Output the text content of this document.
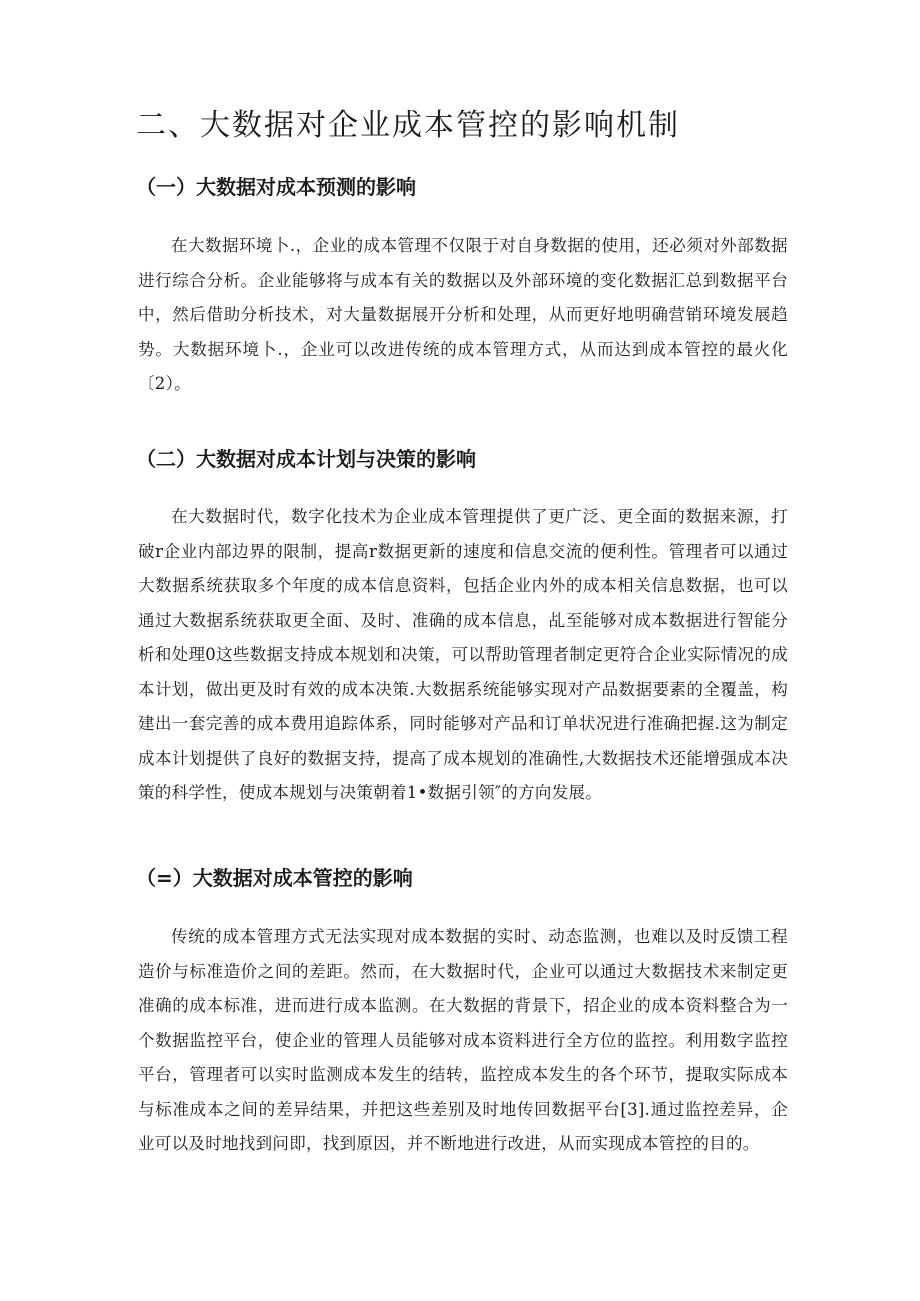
二、大数据对企业成本管控的影响机制
（一）大数据对成本预测的影响

在大数据环境卜.，企业的成本管理不仅限于对自身数据的使用，还必须对外部数据进行综合分析。企业能够将与成本有关的数据以及外部环境的变化数据汇总到数据平台中，然后借助分析技术，对大量数据展开分析和处理，从而更好地明确营销环境发展趋势。大数据环境卜.，企业可以改进传统的成本管理方式，从而达到成本管控的最火化〔2）。

（二）大数据对成本计划与决策的影响

在大数据时代，数字化技术为企业成本管理提供了更广泛、更全面的数据来源，打破r企业内部边界的限制，提高r数据更新的速度和信息交流的便利性。管理者可以通过大数据系统获取多个年度的成本信息资料，包括企业内外的成本相关信息数据，也可以通过大数据系统获取更全面、及时、准确的成本信息，乩至能够对成本数据进行智能分析和处理0这些数据支持成本规划和决策，可以帮助管理者制定更符合企业实际情况的成本计划，做出更及时有效的成本决策.大数据系统能够实现对产品数据要素的全覆盖，构建出一套完善的成本费用追踪体系，同时能够对产品和订单状况进行准确把握.这为制定成本计划提供了良好的数据支持，提高了成本规划的准确性,大数据技术还能增强成本决策的科学性，使成本规划与决策朝着1•数据引领″的方向发展。

（=）大数据对成本管控的影响

传统的成本管理方式无法实现对成本数据的实时、动态监测，也难以及时反馈工程造价与标准造价之间的差距。然而，在大数据时代，企业可以通过大数据技术来制定更准确的成本标准，进而进行成本监测。在大数据的背景下，招企业的成本资料整合为一个数据监控平台，使企业的管理人员能够对成本资料进行全方位的监控。利用数字监控平台，管理者可以实时监测成本发生的结转，监控成本发生的各个环节，提取实际成本与标准成本之间的差异结果，并把这些差别及时地传回数据平台[3].通过监控差异，企业可以及时地找到问即，找到原因，并不断地进行改进，从而实现成本管控的目的。
